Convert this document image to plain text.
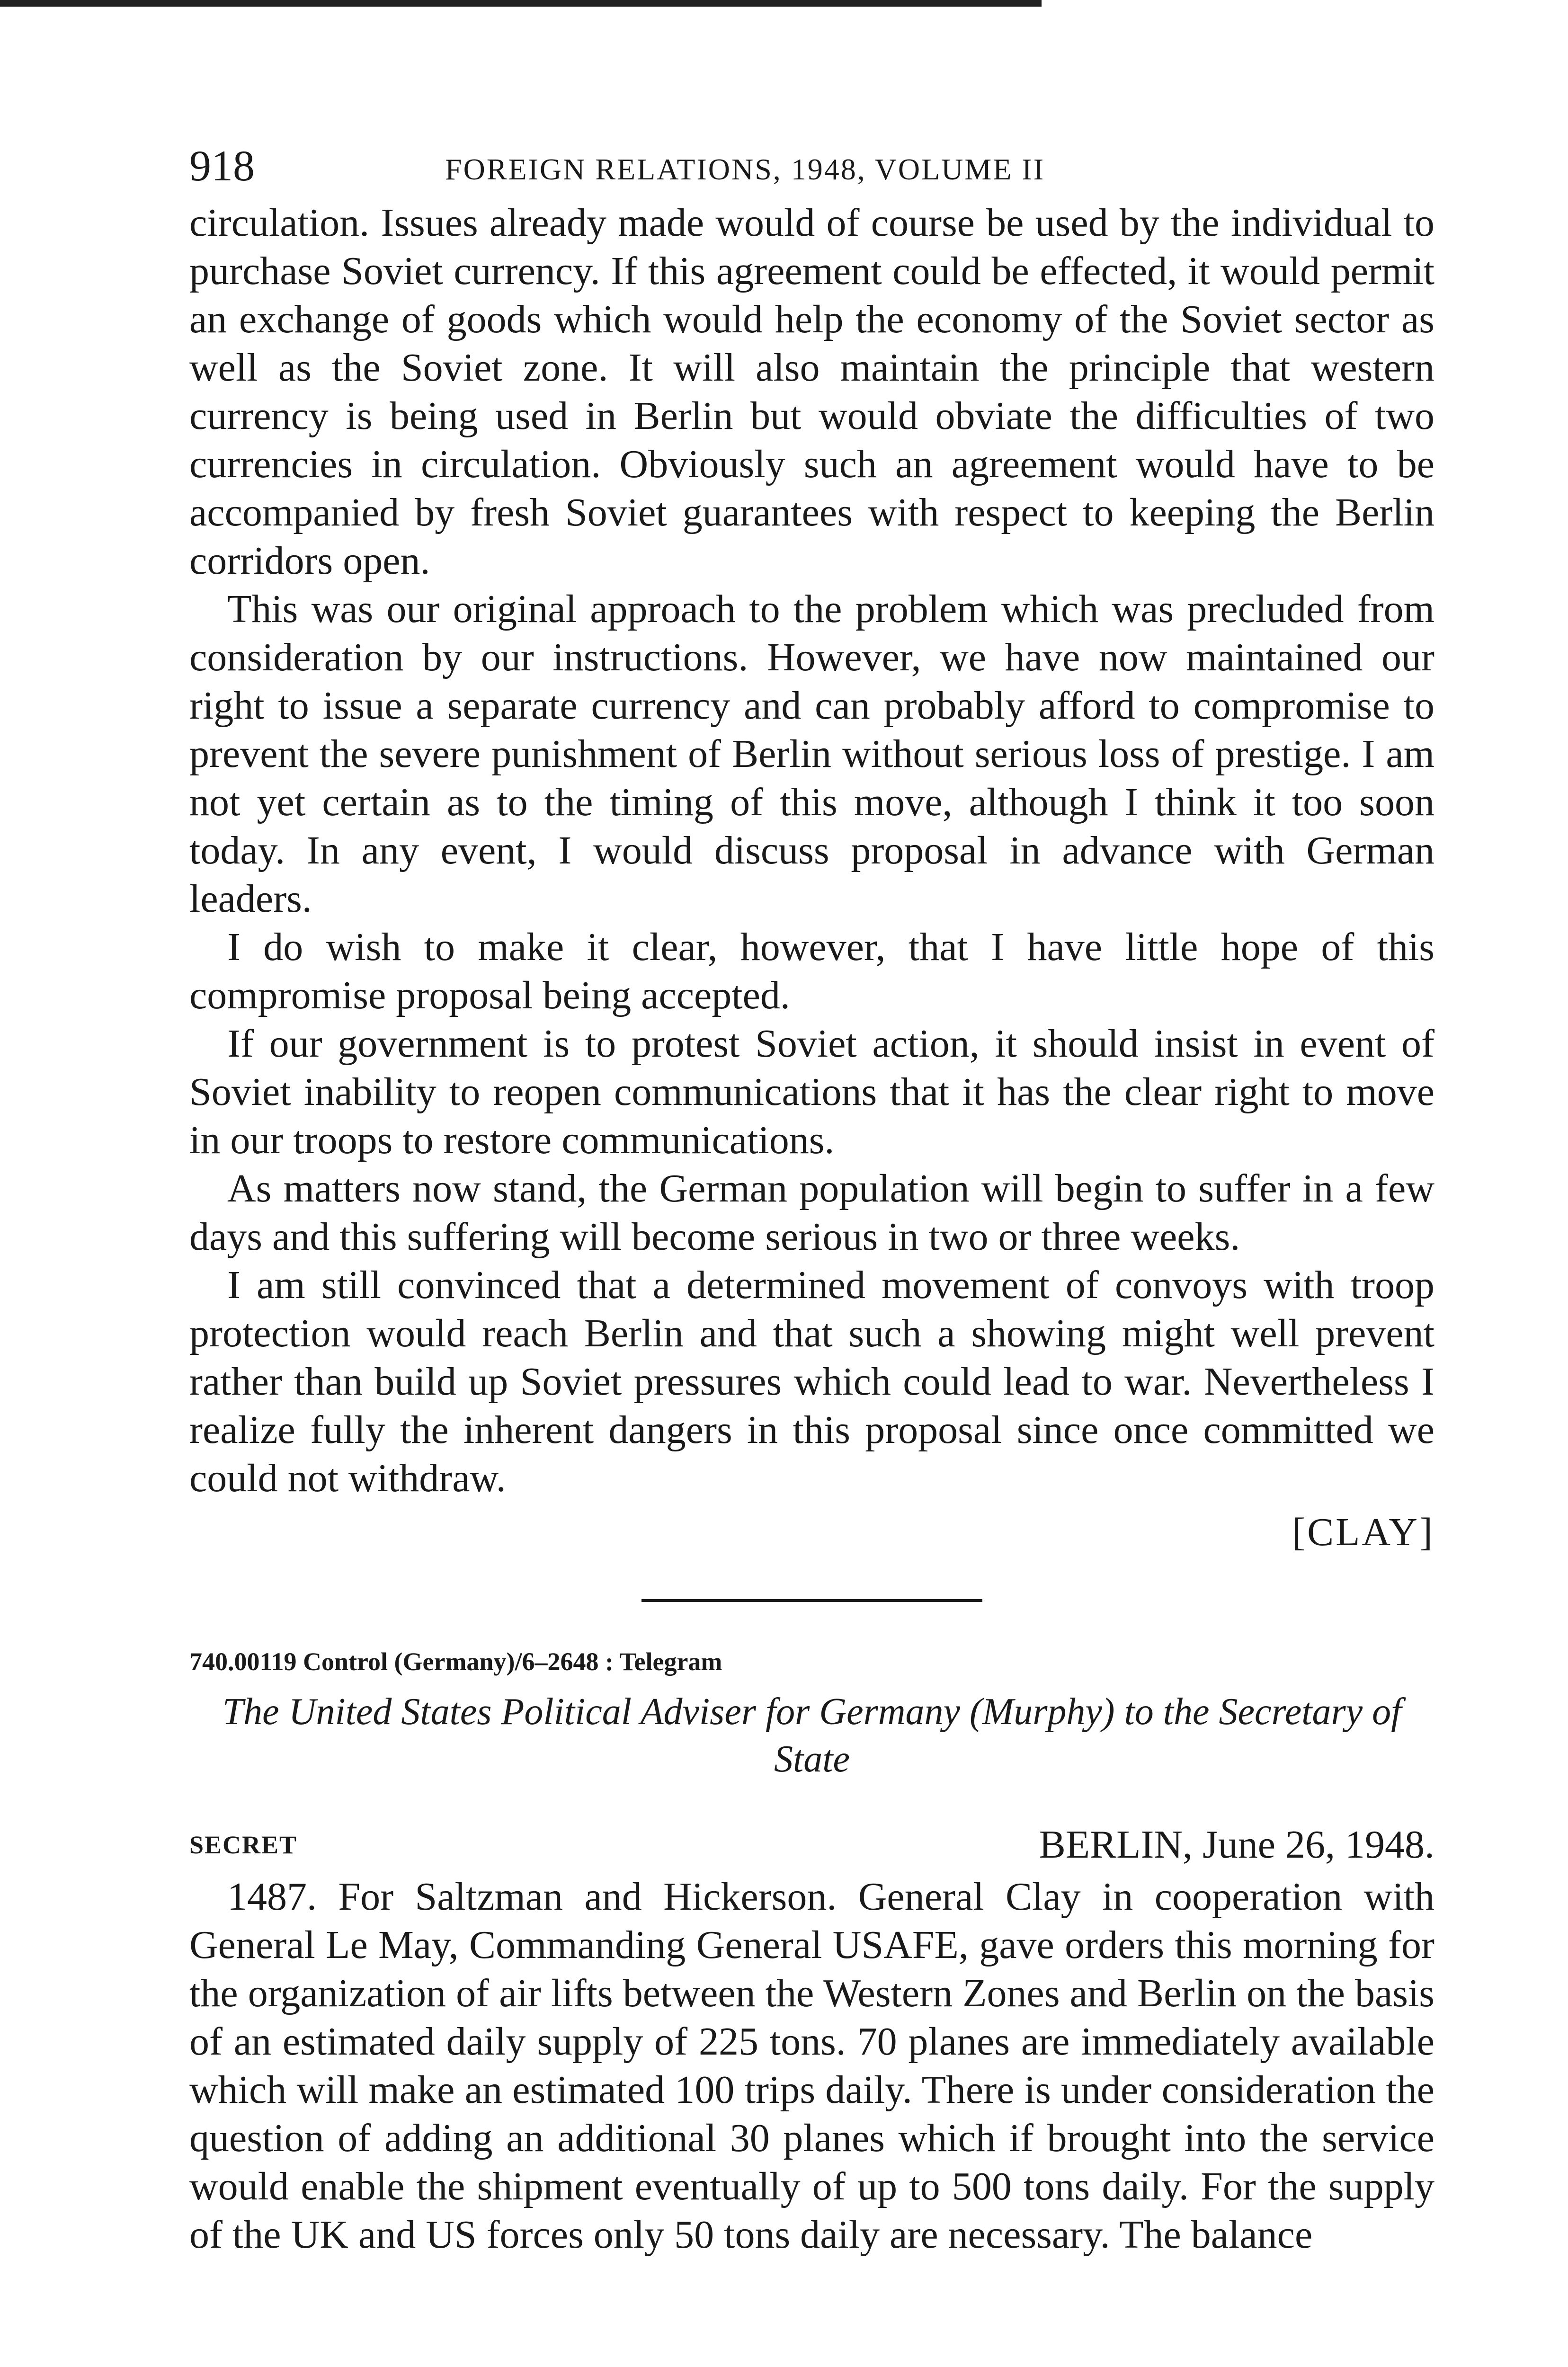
918	FOREIGN RELATIONS, 1948, VOLUME II

circulation. Issues already made would of course be used by the individual to purchase Soviet currency. If this agreement could be effected, it would permit an exchange of goods which would help the economy of the Soviet sector as well as the Soviet zone. It will also maintain the principle that western currency is being used in Berlin but would obviate the difficulties of two currencies in circulation. Obviously such an agreement would have to be accompanied by fresh Soviet guarantees with respect to keeping the Berlin corridors open.

This was our original approach to the problem which was precluded from consideration by our instructions. However, we have now maintained our right to issue a separate currency and can probably afford to compromise to prevent the severe punishment of Berlin without serious loss of prestige. I am not yet certain as to the timing of this move, although I think it too soon today. In any event, I would discuss proposal in advance with German leaders.

I do wish to make it clear, however, that I have little hope of this compromise proposal being accepted.

If our government is to protest Soviet action, it should insist in event of Soviet inability to reopen communications that it has the clear right to move in our troops to restore communications.

As matters now stand, the German population will begin to suffer in a few days and this suffering will become serious in two or three weeks.

I am still convinced that a determined movement of convoys with troop protection would reach Berlin and that such a showing might well prevent rather than build up Soviet pressures which could lead to war. Nevertheless I realize fully the inherent dangers in this proposal since once committed we could not withdraw.

[CLAY]
740.00119 Control (Germany)/6–2648 : Telegram
The United States Political Adviser for Germany (Murphy) to the Secretary of State
SECRET	BERLIN, June 26, 1948.

1487. For Saltzman and Hickerson. General Clay in cooperation with General Le May, Commanding General USAFE, gave orders this morning for the organization of air lifts between the Western Zones and Berlin on the basis of an estimated daily supply of 225 tons. 70 planes are immediately available which will make an estimated 100 trips daily. There is under consideration the question of adding an additional 30 planes which if brought into the service would enable the shipment eventually of up to 500 tons daily. For the supply of the UK and US forces only 50 tons daily are necessary. The balance
